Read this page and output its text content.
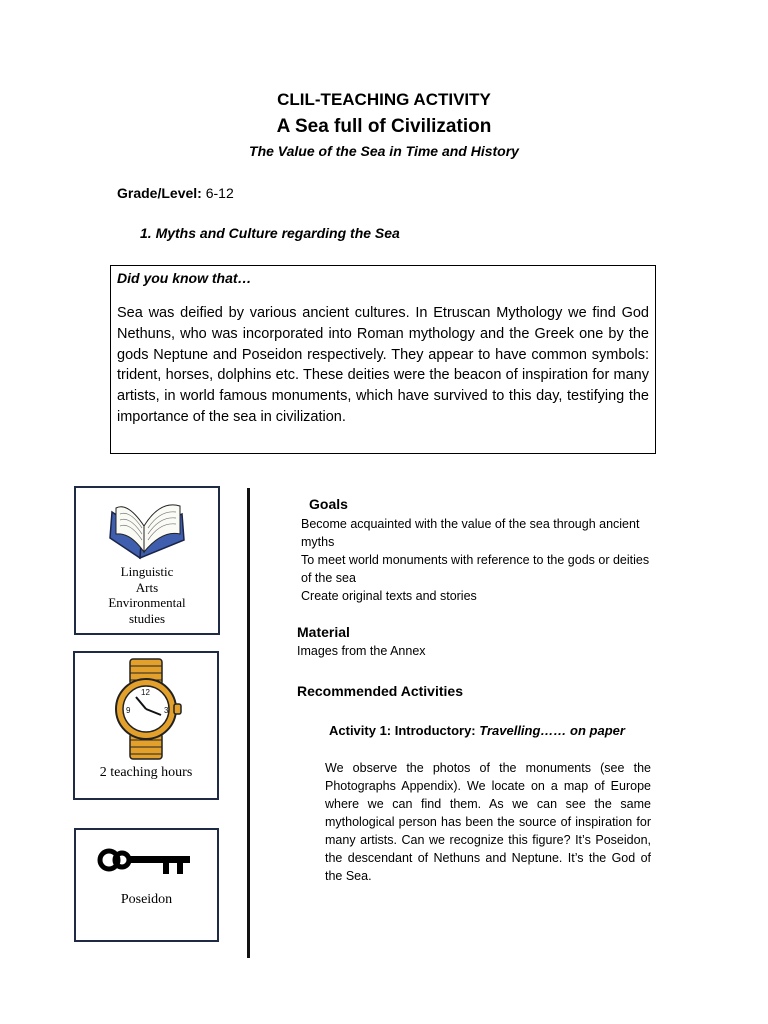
CLIL-TEACHING ACTIVITY
A Sea full of Civilization
The Value of the Sea in Time and History
Grade/Level: 6-12
1. Myths and Culture regarding the Sea
Did you know that…
Sea was deified by various ancient cultures. In Etruscan Mythology we find God Nethuns, who was incorporated into Roman mythology and the Greek one by the gods Neptune and Poseidon respectively. They appear to have common symbols: trident, horses, dolphins etc. These deities were the beacon of inspiration for many artists, in world famous monuments, which have survived to this day, testifying the importance of the sea in civilization.
Linguistic
Arts
Environmental
studies
12
3
9
2 teaching hours
Poseidon
Goals
Become acquainted with the value of the sea through ancient myths
To meet world monuments with reference to the gods or deities of the sea
Create original texts and stories
Material
Images from the Annex
Recommended Activities
Activity 1: Introductory: Travelling…… on paper
We observe the photos of the monuments (see the Photographs Appendix). We locate on a map of Europe where we can find them. As we can see the same mythological person has been the source of inspiration for many artists. Can we recognize this figure? It’s Poseidon, the descendant of Nethuns and Neptune. It’s the God of the Sea.
